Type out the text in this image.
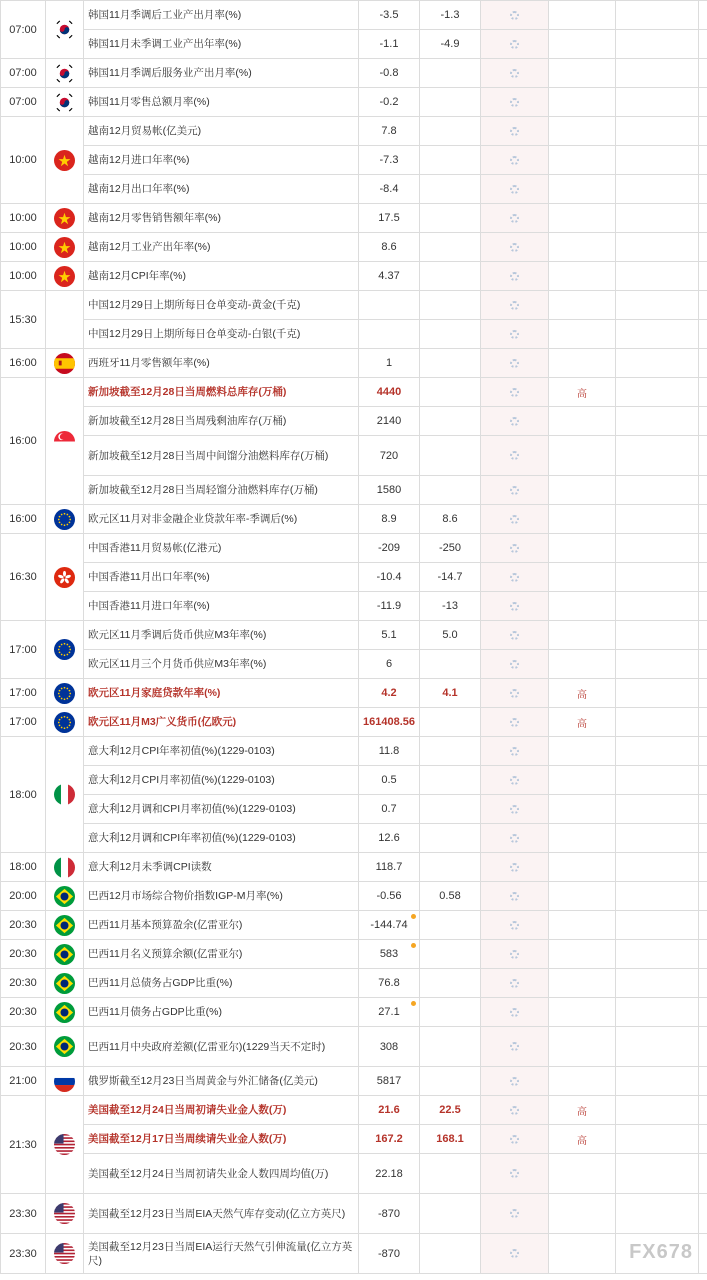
07:00		韩国11月季调后工业产出月率(%)	-3.5	-1.3				
		韩国11月未季调工业产出年率(%)	-1.1	-4.9				
07:00		韩国11月季调后服务业产出月率(%)	-0.8					
07:00		韩国11月零售总额月率(%)	-0.2					
10:00		越南12月贸易帐(亿美元)	7.8					
		越南12月进口年率(%)	-7.3					
		越南12月出口年率(%)	-8.4					
10:00		越南12月零售销售额年率(%)	17.5					
10:00		越南12月工业产出年率(%)	8.6					
10:00		越南12月CPI年率(%)	4.37					
15:30		中国12月29日上期所每日仓单变动-黄金(千克)						
		中国12月29日上期所每日仓单变动-白银(千克)						
16:00		西班牙11月零售额年率(%)	1					
16:00		新加坡截至12月28日当周燃料总库存(万桶)	4440			高		
		新加坡截至12月28日当周残剩油库存(万桶)	2140					
		新加坡截至12月28日当周中间馏分油燃料库存(万桶)	720					
		新加坡截至12月28日当周轻馏分油燃料库存(万桶)	1580					
16:00		欧元区11月对非金融企业贷款年率-季调后(%)	8.9	8.6				
16:30		中国香港11月贸易帐(亿港元)	-209	-250				
		中国香港11月出口年率(%)	-10.4	-14.7				
		中国香港11月进口年率(%)	-11.9	-13				
17:00		欧元区11月季调后货币供应M3年率(%)	5.1	5.0				
		欧元区11月三个月货币供应M3年率(%)	6					
17:00		欧元区11月家庭贷款年率(%)	4.2	4.1		高		
17:00		欧元区11月M3广义货币(亿欧元)	161408.56			高		
18:00		意大利12月CPI年率初值(%)(1229-0103)	11.8					
		意大利12月CPI月率初值(%)(1229-0103)	0.5					
		意大利12月调和CPI月率初值(%)(1229-0103)	0.7					
		意大利12月调和CPI年率初值(%)(1229-0103)	12.6					
18:00		意大利12月未季调CPI读数	118.7					
20:00		巴西12月市场综合物价指数IGP-M月率(%)	-0.56	0.58				
20:30		巴西11月基本预算盈余(亿雷亚尔)	-144.74

20:30		巴西11月名义预算余额(亿雷亚尔)	583

20:30		巴西11月总债务占GDP比重(%)	76.8					
20:30		巴西11月债务占GDP比重(%)	27.1

20:30		巴西11月中央政府差额(亿雷亚尔)(1229当天不定时)	308					
21:00		俄罗斯截至12月23日当周黄金与外汇储备(亿美元)	5817					
21:30		美国截至12月24日当周初请失业金人数(万)	21.6	22.5		高		
		美国截至12月17日当周续请失业金人数(万)	167.2	168.1		高		
		美国截至12月24日当周初请失业金人数四周均值(万)	22.18					
23:30		美国截至12月23日当周EIA天然气库存变动(亿立方英尺)	-870					
23:30		美国截至12月23日当周EIA运行天然气引伸流量(亿立方英尺)	-870						FX678
